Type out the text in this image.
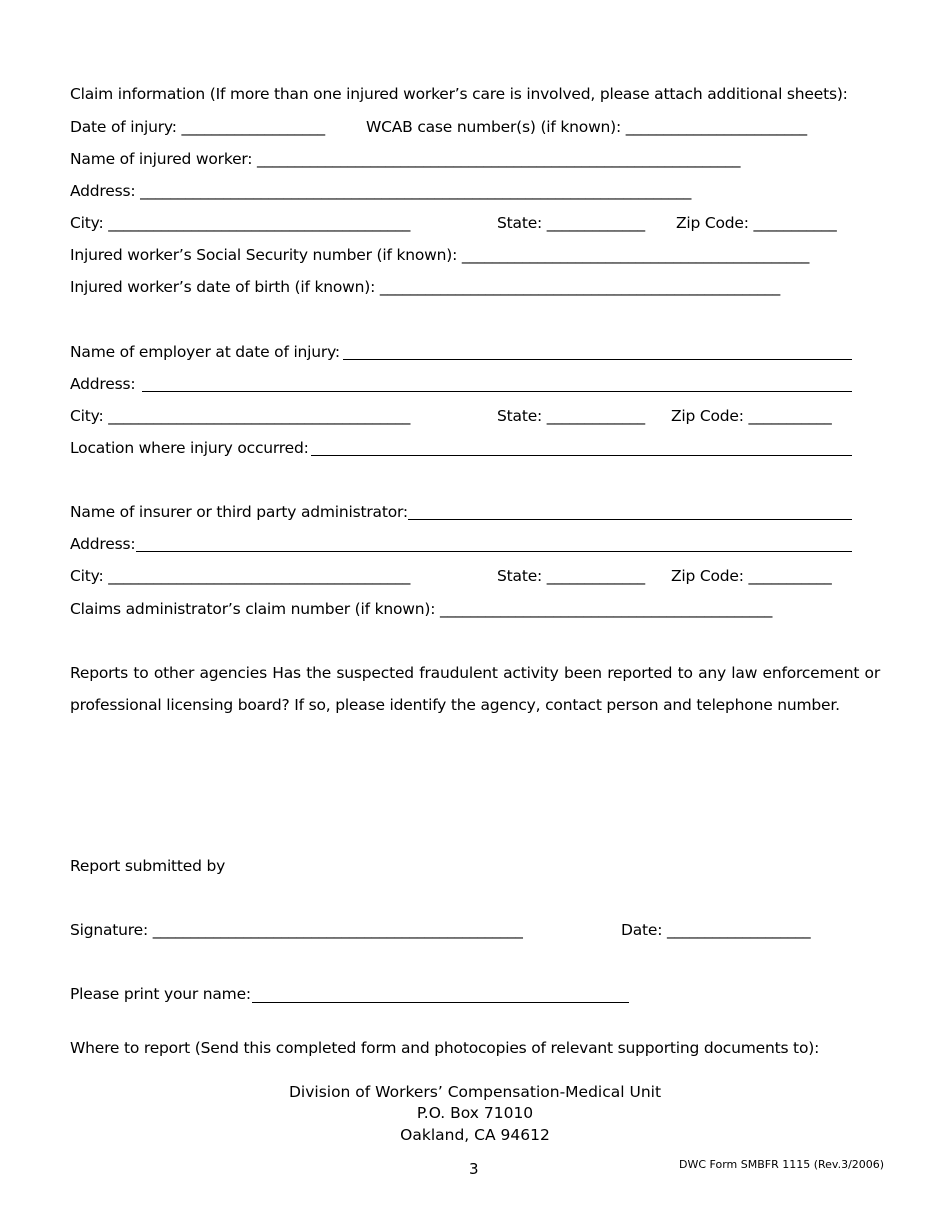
Claim information (If more than one injured worker’s care is involved, please attach additional sheets):
Date of injury: ___________________	WCAB case number(s) (if known): ________________________
Name of injured worker: ________________________________________________________________
Address: _________________________________________________________________________
City: ________________________________________	State: _____________ Zip Code: ___________
Injured worker’s Social Security number (if known): ______________________________________________
Injured worker’s date of birth (if known): _____________________________________________________
Name of employer at date of injury:
Address:
City: ________________________________________	State: _____________ Zip Code: ___________
Location where injury occurred:
Name of insurer or third party administrator:
Address:
City: ________________________________________	State: _____________ Zip Code: ___________
Claims administrator’s claim number (if known): ____________________________________________
Reports to other agencies Has the suspected fraudulent activity been reported to any law enforcement or professional licensing board? If so, please identify the agency, contact person and telephone number.
Report submitted by
Signature: _________________________________________________	Date: ___________________
Please print your name:
Where to report (Send this completed form and photocopies of relevant supporting documents to):
Division of Workers’ Compensation-Medical Unit
P.O. Box 71010
Oakland, CA 94612
3	DWC Form SMBFR 1115 (Rev.3/2006)
